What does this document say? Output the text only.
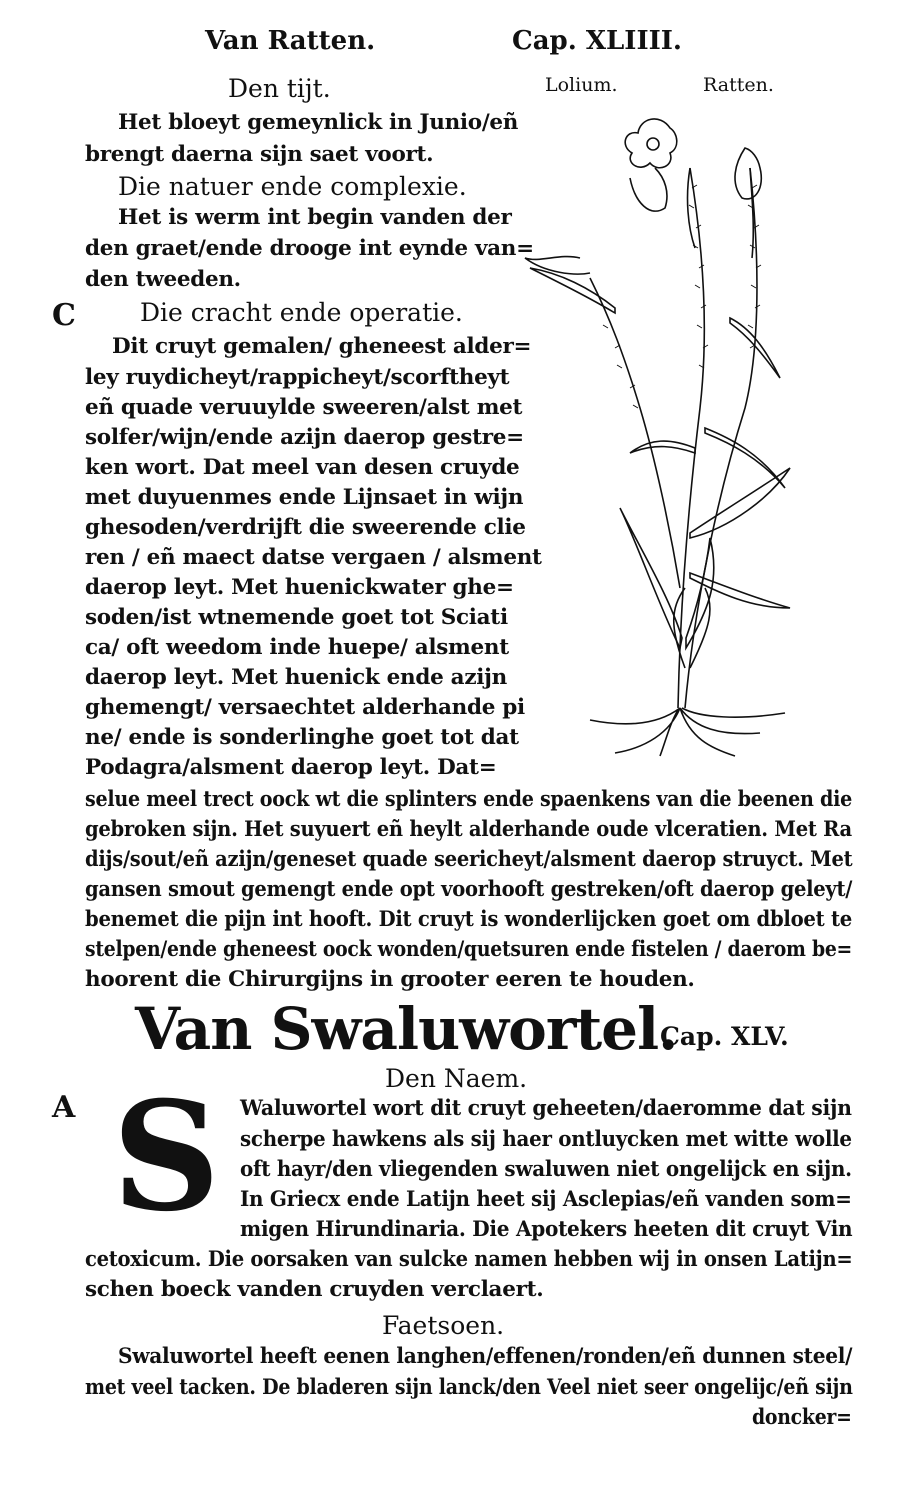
Van Ratten.	Cap. XLIIII.
Lolium.	Ratten.
Den tijt.
Het bloeyt gemeynlick in Junio/eñ
brengt daerna sijn saet voort.
Die natuer ende complexie.
Het is werm int begin vanden der
den graet/ende drooge int eynde van=
den tweeden.
C	Die cracht ende operatie.
Dit cruyt gemalen/ gheneest alder=
ley ruydicheyt/rappicheyt/scorftheyt
eñ quade veruuylde sweeren/alst met
solfer/wijn/ende azijn daerop gestre=
ken wort. Dat meel van desen cruyde
met duyuenmes ende Lijnsaet in wijn
ghesoden/verdrijft die sweerende clie
ren / eñ maect datse vergaen / alsment
daerop leyt. Met huenickwater ghe=
soden/ist wtnemende goet tot Sciati
ca/ oft weedom inde huepe/ alsment
daerop leyt. Met huenick ende azijn
ghemengt/ versaechtet alderhande pi
ne/ ende is sonderlinghe goet tot dat
Podagra/alsment daerop leyt. Dat=
selue meel trect oock wt die splinters ende spaenkens van die beenen die
gebroken sijn. Het suyuert eñ heylt alderhande oude vlceratien. Met Ra
dijs/sout/eñ azijn/geneset quade seericheyt/alsment daerop struyct. Met
gansen smout gemengt ende opt voorhooft gestreken/oft daerop geleyt/
benemet die pijn int hooft. Dit cruyt is wonderlijcken goet om dbloet te
stelpen/ende gheneest oock wonden/quetsuren ende fistelen / daerom be=
hoorent die Chirurgijns in grooter eeren te houden.
Van Swaluwortel.
Cap. XLV.
Den Naem.
A S Waluwortel wort dit cruyt geheeten/daeromme dat sijn
scherpe hawkens als sij haer ontluycken met witte wolle
oft hayr/den vliegenden swaluwen niet ongelijck en sijn.
In Griecx ende Latijn heet sij Asclepias/eñ vanden som=
migen Hirundinaria. Die Apotekers heeten dit cruyt Vin
cetoxicum. Die oorsaken van sulcke namen hebben wij in onsen Latijn=
schen boeck vanden cruyden verclaert.
Faetsoen.
Swaluwortel heeft eenen langhen/effenen/ronden/eñ dunnen steel/
met veel tacken. De bladeren sijn lanck/den Veel niet seer ongelijc/eñ sijn
doncker=
